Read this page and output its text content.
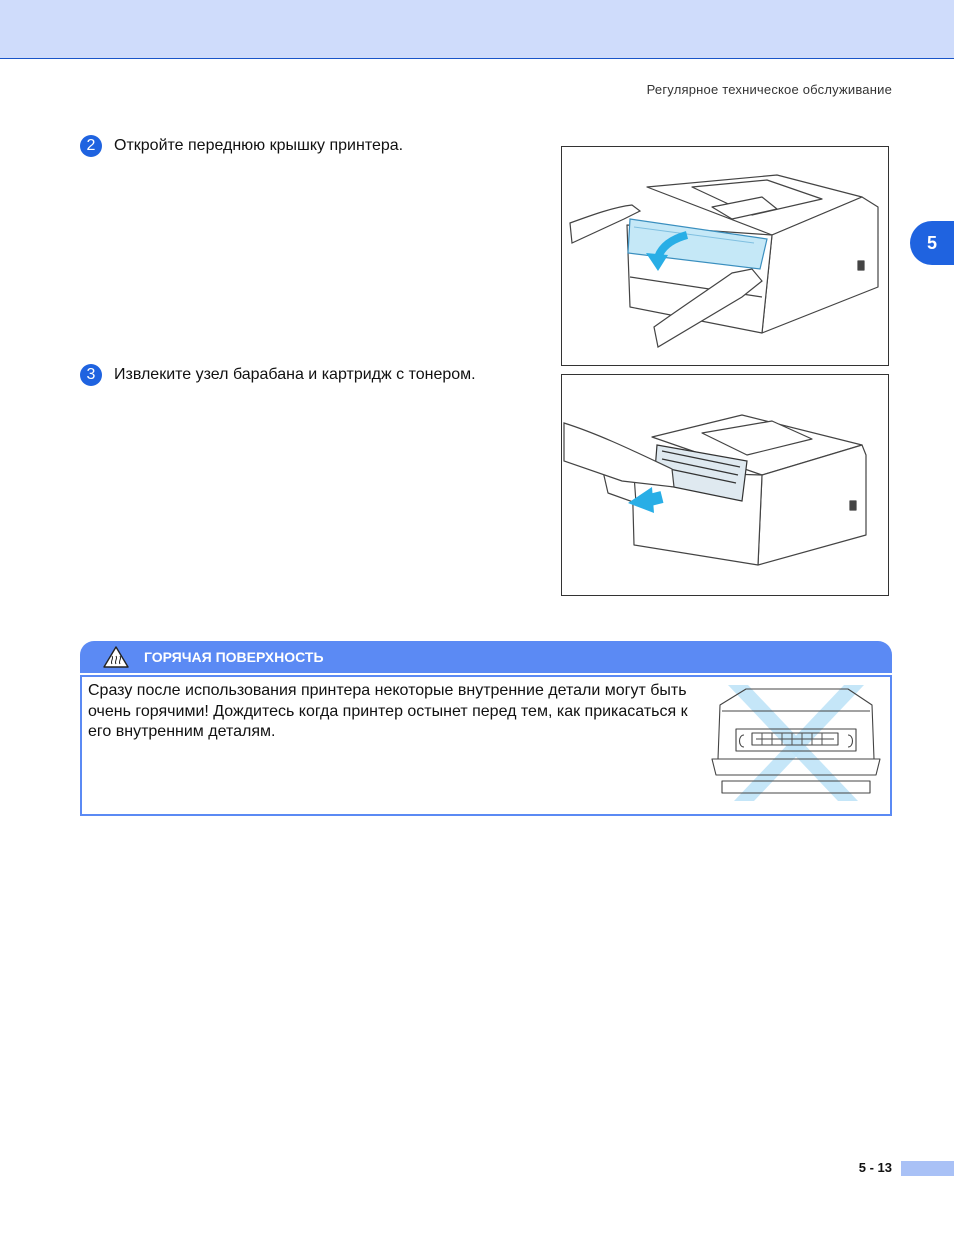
Регулярное техническое обслуживание
5
2	Откройте переднюю крышку принтера.
3	Извлеките узел барабана и картридж с тонером.
ГОРЯЧАЯ ПОВЕРХНОСТЬ
Сразу после использования принтера некоторые внутренние детали могут быть очень горячими! Дождитесь когда принтер остынет перед тем, как прикасаться к его внутренним деталям.
5 - 13
